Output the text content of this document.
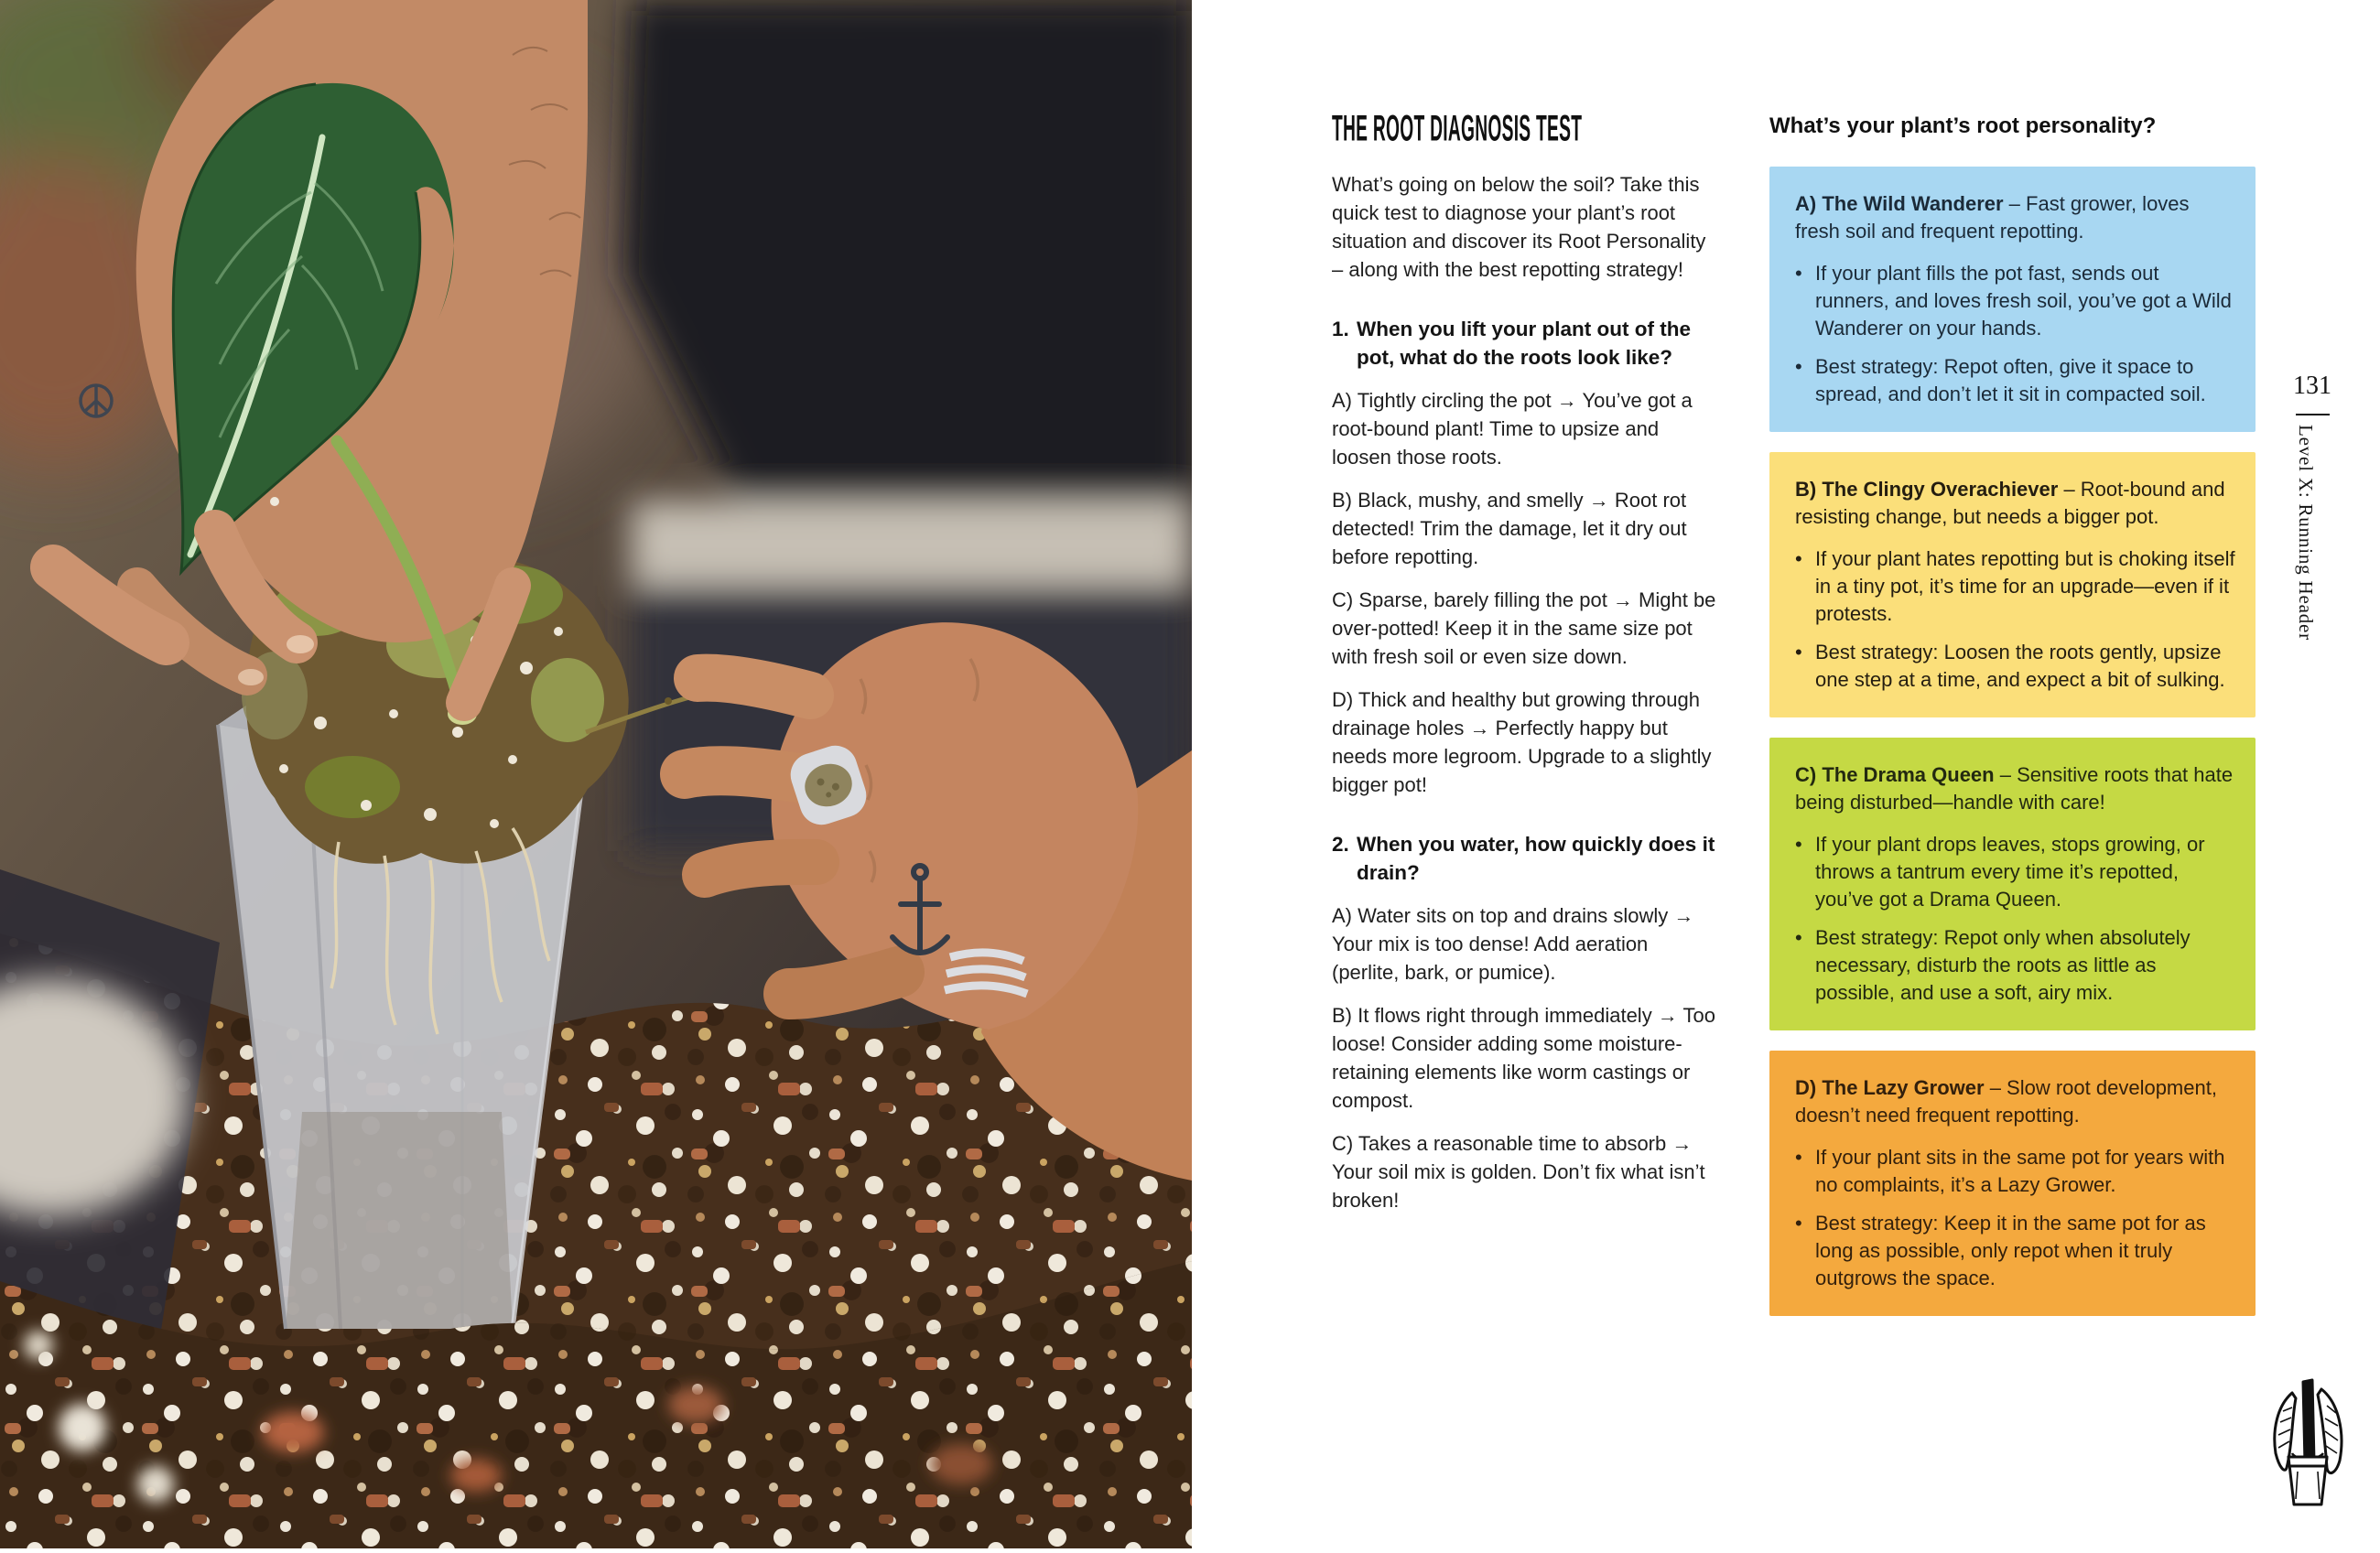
THE ROOT DIAGNOSIS TEST

What’s going on below the soil? Take this quick test to diagnose your plant’s root situation and discover its Root Personality – along with the best repotting strategy!

1. When you lift your plant out of the pot, what do the roots look like?

A) Tightly circling the pot → You’ve got a root-bound plant! Time to upsize and loosen those roots.

B) Black, mushy, and smelly → Root rot detected! Trim the damage, let it dry out before repotting.

C) Sparse, barely filling the pot → Might be over-potted! Keep it in the same size pot with fresh soil or even size down.

D) Thick and healthy but growing through drainage holes → Perfectly happy but needs more legroom. Upgrade to a slightly bigger pot!

2. When you water, how quickly does it drain?

A) Water sits on top and drains slowly → Your mix is too dense! Add aeration (perlite, bark, or pumice).

B) It flows right through immediately → Too loose! Consider adding some moisture-retaining elements like worm castings or compost.

C) Takes a reasonable time to absorb → Your soil mix is golden. Don’t fix what isn’t broken!

What’s your plant’s root personality?

A) The Wild Wanderer – Fast grower, loves fresh soil and frequent repotting.

• If your plant fills the pot fast, sends out runners, and loves fresh soil, you’ve got a Wild Wanderer on your hands.
• Best strategy: Repot often, give it space to spread, and don’t let it sit in compacted soil.

B) The Clingy Overachiever – Root-bound and resisting change, but needs a bigger pot.

• If your plant hates repotting but is choking itself in a tiny pot, it’s time for an upgrade—even if it protests.
• Best strategy: Loosen the roots gently, upsize one step at a time, and expect a bit of sulking.

C) The Drama Queen – Sensitive roots that hate being disturbed—handle with care!

• If your plant drops leaves, stops growing, or throws a tantrum every time it’s repotted, you’ve got a Drama Queen.
• Best strategy: Repot only when absolutely necessary, disturb the roots as little as possible, and use a soft, airy mix.

D) The Lazy Grower – Slow root development, doesn’t need frequent repotting.

• If your plant sits in the same pot for years with no complaints, it’s a Lazy Grower.
• Best strategy: Keep it in the same pot for as long as possible, only repot when it truly outgrows the space.
131
Level X: Running Header
